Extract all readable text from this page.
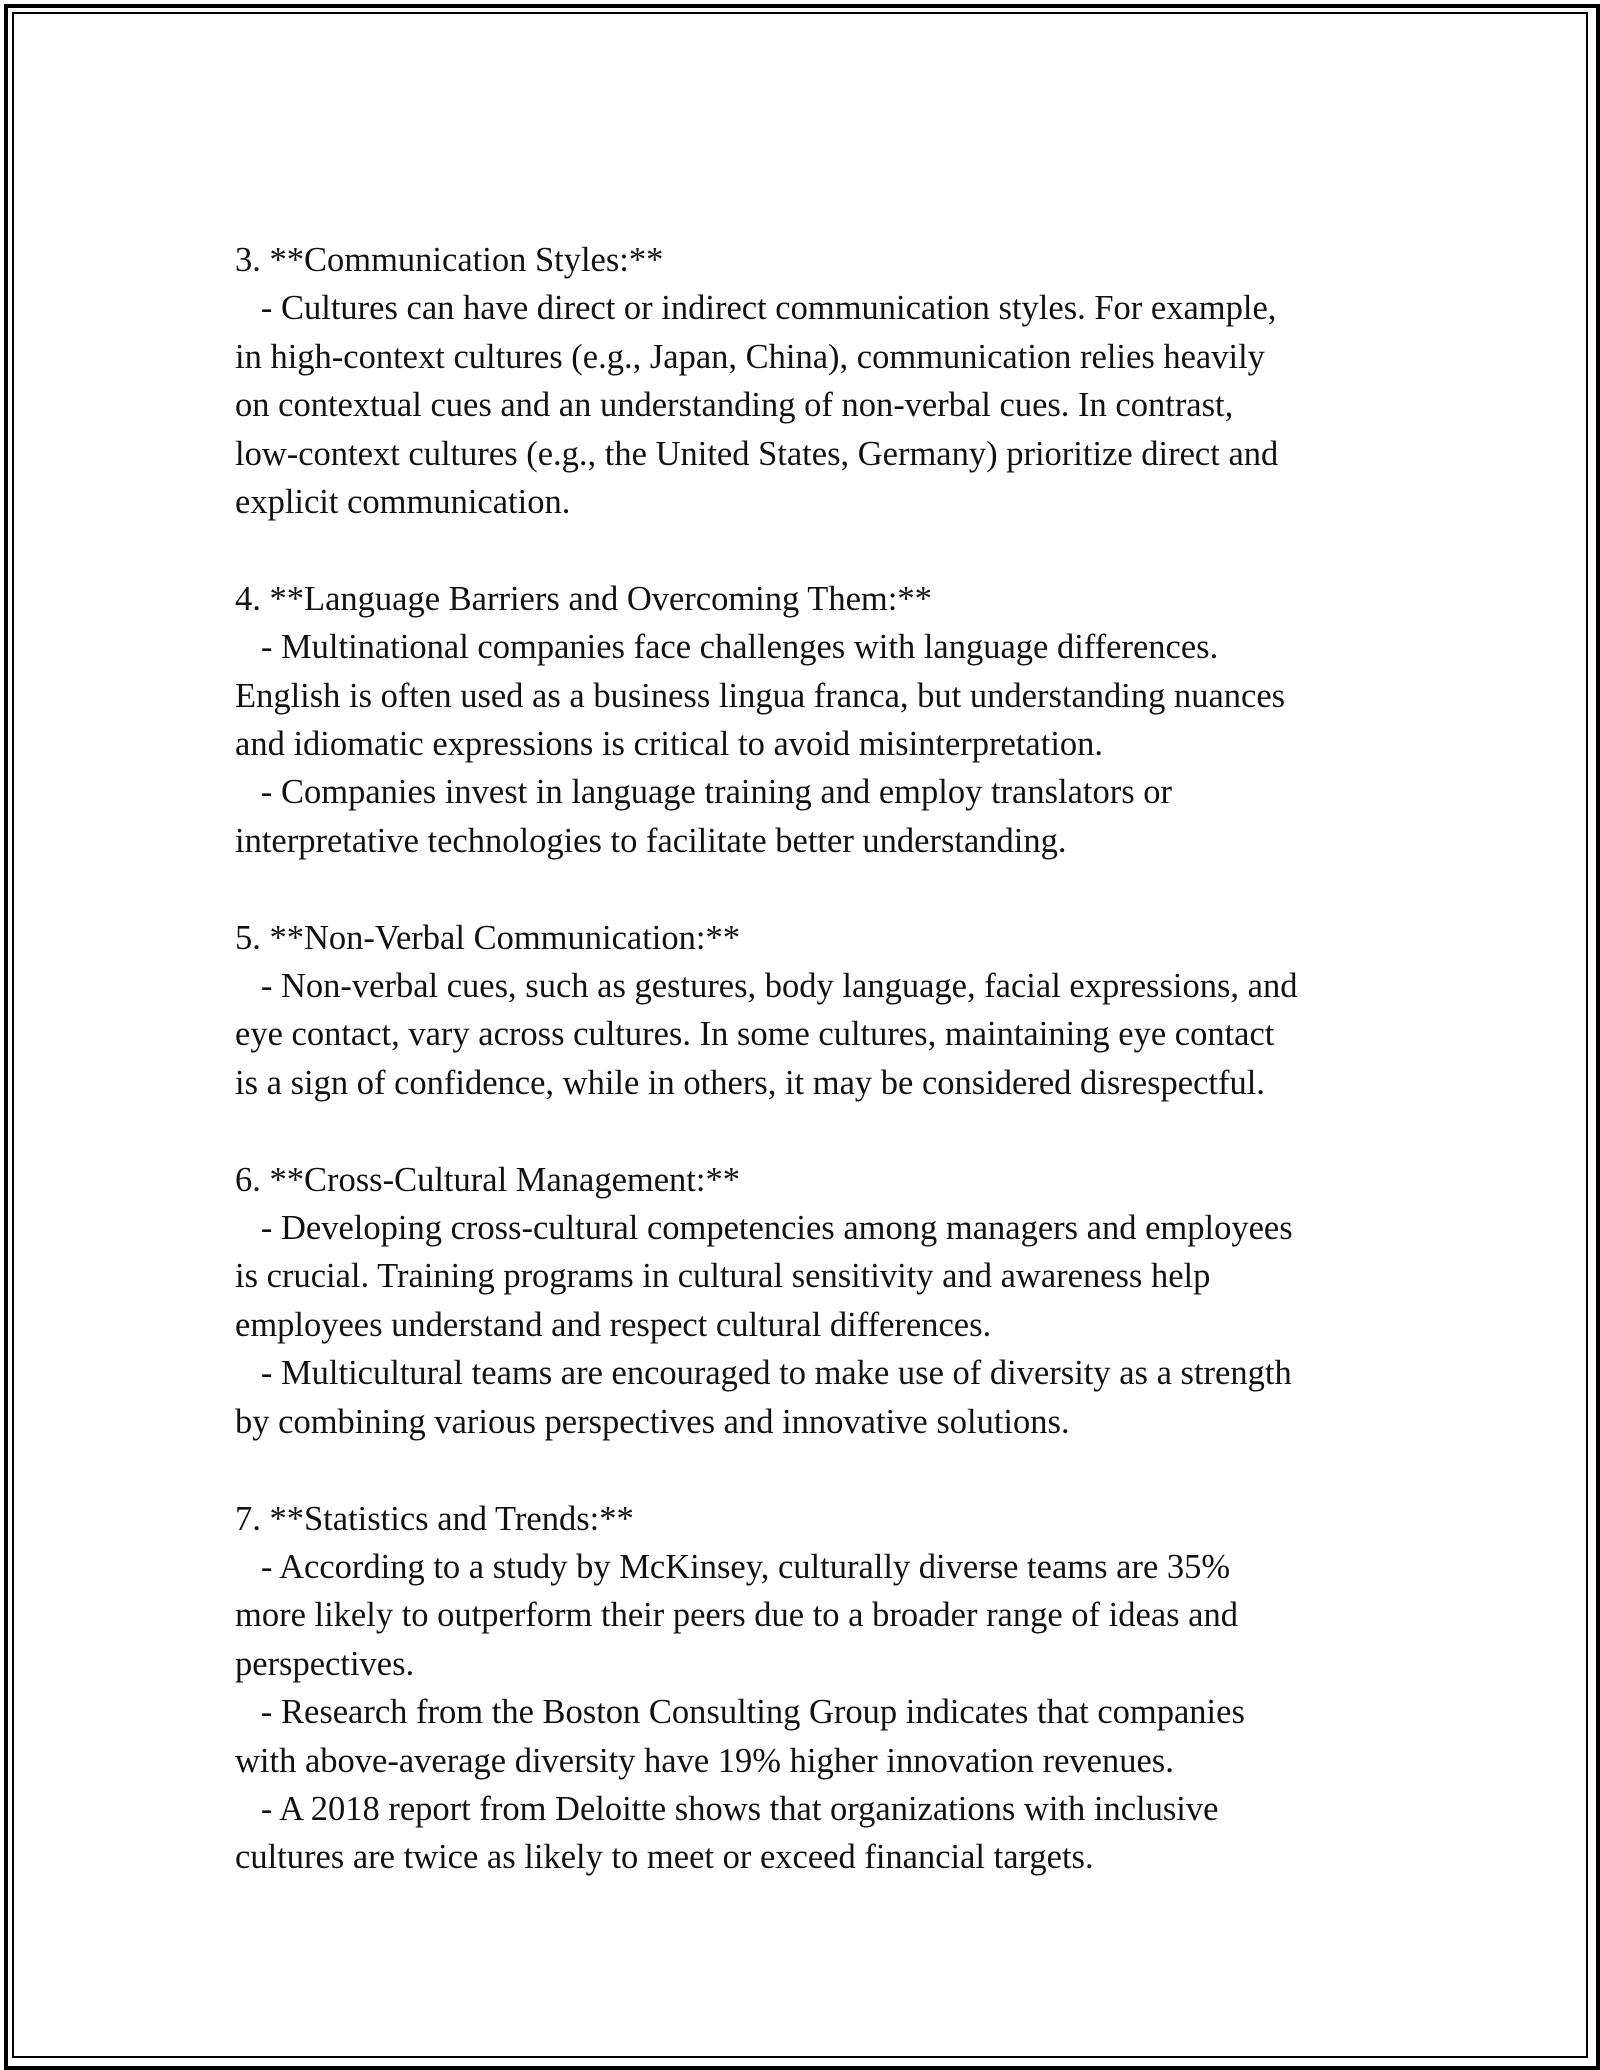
3. **Communication Styles:**
- Cultures can have direct or indirect communication styles. For example,
in high-context cultures (e.g., Japan, China), communication relies heavily
on contextual cues and an understanding of non-verbal cues. In contrast,
low-context cultures (e.g., the United States, Germany) prioritize direct and
explicit communication.
4. **Language Barriers and Overcoming Them:**
- Multinational companies face challenges with language differences.
English is often used as a business lingua franca, but understanding nuances
and idiomatic expressions is critical to avoid misinterpretation.
- Companies invest in language training and employ translators or
interpretative technologies to facilitate better understanding.
5. **Non-Verbal Communication:**
- Non-verbal cues, such as gestures, body language, facial expressions, and
eye contact, vary across cultures. In some cultures, maintaining eye contact
is a sign of confidence, while in others, it may be considered disrespectful.
6. **Cross-Cultural Management:**
- Developing cross-cultural competencies among managers and employees
is crucial. Training programs in cultural sensitivity and awareness help
employees understand and respect cultural differences.
- Multicultural teams are encouraged to make use of diversity as a strength
by combining various perspectives and innovative solutions.
7. **Statistics and Trends:**
- According to a study by McKinsey, culturally diverse teams are 35%
more likely to outperform their peers due to a broader range of ideas and
perspectives.
- Research from the Boston Consulting Group indicates that companies
with above-average diversity have 19% higher innovation revenues.
- A 2018 report from Deloitte shows that organizations with inclusive
cultures are twice as likely to meet or exceed financial targets.
